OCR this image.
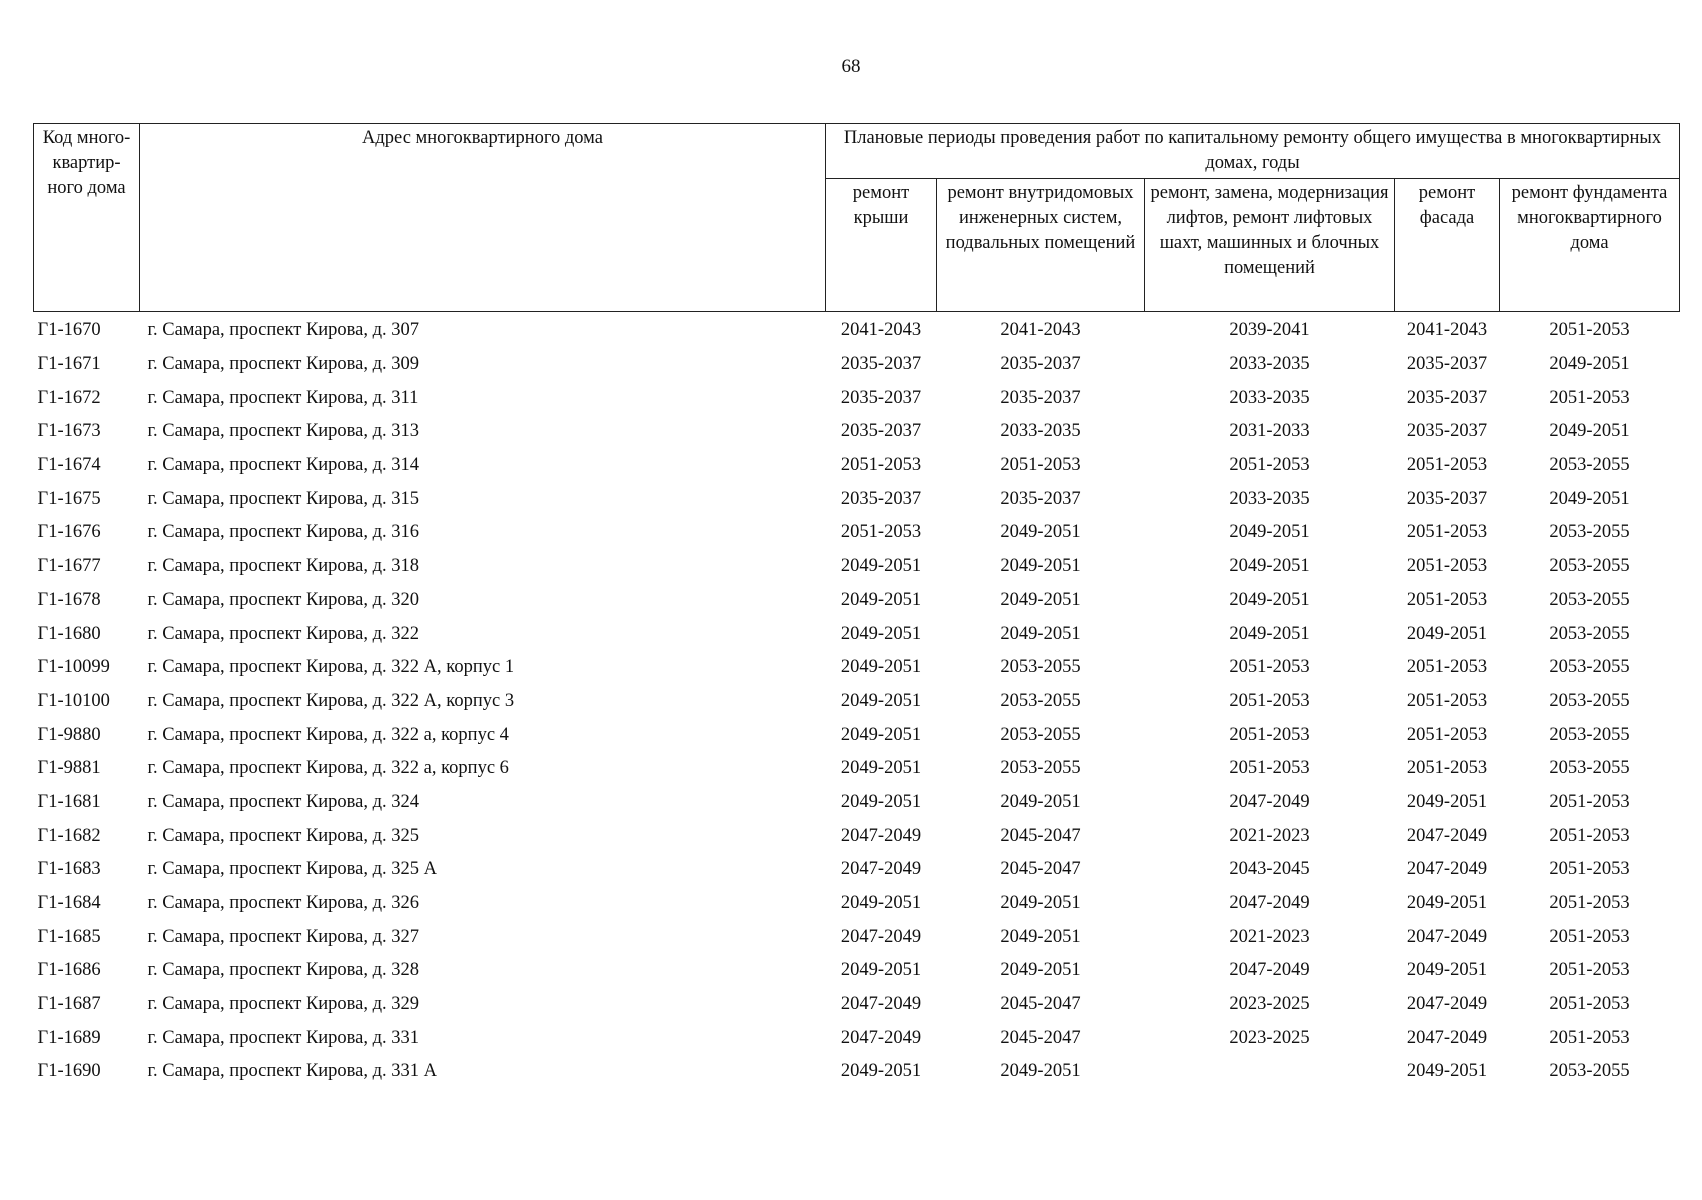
68
Код много-квартир-ного дома	Адрес многоквартирного дома	Плановые периоды проведения работ по капитальному ремонту общего имущества в многоквартирных домах, годы				
		ремонт крыши	ремонт внутридомовых инженерных систем, подвальных помещений	ремонт, замена, модернизация лифтов, ремонт лифтовых шахт, машинных и блочных помещений	ремонт фасада	ремонт фундамента многоквартирного дома
Г1-1670	г. Самара, проспект Кирова, д. 307	2041-2043	2041-2043	2039-2041	2041-2043	2051-2053
Г1-1671	г. Самара, проспект Кирова, д. 309	2035-2037	2035-2037	2033-2035	2035-2037	2049-2051
Г1-1672	г. Самара, проспект Кирова, д. 311	2035-2037	2035-2037	2033-2035	2035-2037	2051-2053
Г1-1673	г. Самара, проспект Кирова, д. 313	2035-2037	2033-2035	2031-2033	2035-2037	2049-2051
Г1-1674	г. Самара, проспект Кирова, д. 314	2051-2053	2051-2053	2051-2053	2051-2053	2053-2055
Г1-1675	г. Самара, проспект Кирова, д. 315	2035-2037	2035-2037	2033-2035	2035-2037	2049-2051
Г1-1676	г. Самара, проспект Кирова, д. 316	2051-2053	2049-2051	2049-2051	2051-2053	2053-2055
Г1-1677	г. Самара, проспект Кирова, д. 318	2049-2051	2049-2051	2049-2051	2051-2053	2053-2055
Г1-1678	г. Самара, проспект Кирова, д. 320	2049-2051	2049-2051	2049-2051	2051-2053	2053-2055
Г1-1680	г. Самара, проспект Кирова, д. 322	2049-2051	2049-2051	2049-2051	2049-2051	2053-2055
Г1-10099	г. Самара, проспект Кирова, д. 322 А, корпус 1	2049-2051	2053-2055	2051-2053	2051-2053	2053-2055
Г1-10100	г. Самара, проспект Кирова, д. 322 А, корпус 3	2049-2051	2053-2055	2051-2053	2051-2053	2053-2055
Г1-9880	г. Самара, проспект Кирова, д. 322 а, корпус 4	2049-2051	2053-2055	2051-2053	2051-2053	2053-2055
Г1-9881	г. Самара, проспект Кирова, д. 322 а, корпус 6	2049-2051	2053-2055	2051-2053	2051-2053	2053-2055
Г1-1681	г. Самара, проспект Кирова, д. 324	2049-2051	2049-2051	2047-2049	2049-2051	2051-2053
Г1-1682	г. Самара, проспект Кирова, д. 325	2047-2049	2045-2047	2021-2023	2047-2049	2051-2053
Г1-1683	г. Самара, проспект Кирова, д. 325 А	2047-2049	2045-2047	2043-2045	2047-2049	2051-2053
Г1-1684	г. Самара, проспект Кирова, д. 326	2049-2051	2049-2051	2047-2049	2049-2051	2051-2053
Г1-1685	г. Самара, проспект Кирова, д. 327	2047-2049	2049-2051	2021-2023	2047-2049	2051-2053
Г1-1686	г. Самара, проспект Кирова, д. 328	2049-2051	2049-2051	2047-2049	2049-2051	2051-2053
Г1-1687	г. Самара, проспект Кирова, д. 329	2047-2049	2045-2047	2023-2025	2047-2049	2051-2053
Г1-1689	г. Самара, проспект Кирова, д. 331	2047-2049	2045-2047	2023-2025	2047-2049	2051-2053
Г1-1690	г. Самара, проспект Кирова, д. 331 А	2049-2051	2049-2051		2049-2051	2053-2055
